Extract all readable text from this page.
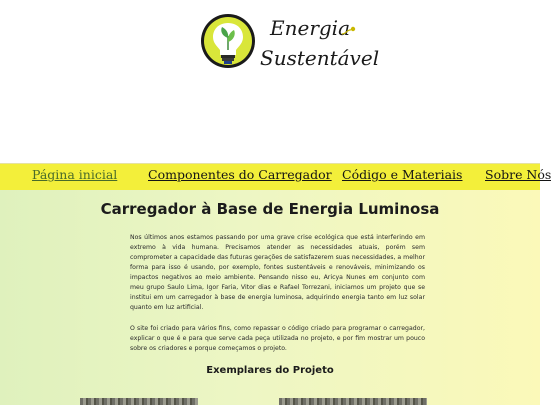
Energia
Sustentável
Página inicial Componentes do Carregador Código e Materiais Sobre Nós
Carregador à Base de Energia Luminosa

Nos últimos anos estamos passando por uma grave crise ecológica que está interferindo em extremo à vida humana. Precisamos atender as necessidades atuais, porém sem comprometer a capacidade das futuras gerações de satisfazerem suas necessidades, a melhor forma para isso é usando, por exemplo, fontes sustentáveis e renováveis, minimizando os impactos negativos ao meio ambiente. Pensando nisso eu, Aricya Nunes em conjunto com meu grupo Saulo Lima, Igor Faria, Vitor dias e Rafael Torrezani, iniciamos um projeto que se institui em um carregador à base de energia luminosa, adquirindo energia tanto em luz solar quanto em luz artificial.

O site foi criado para vários fins, como repassar o código criado para programar o carregador, explicar o que é e para que serve cada peça utilizada no projeto, e por fim mostrar um pouco sobre os criadores e porque começamos o projeto.

Exemplares do Projeto
